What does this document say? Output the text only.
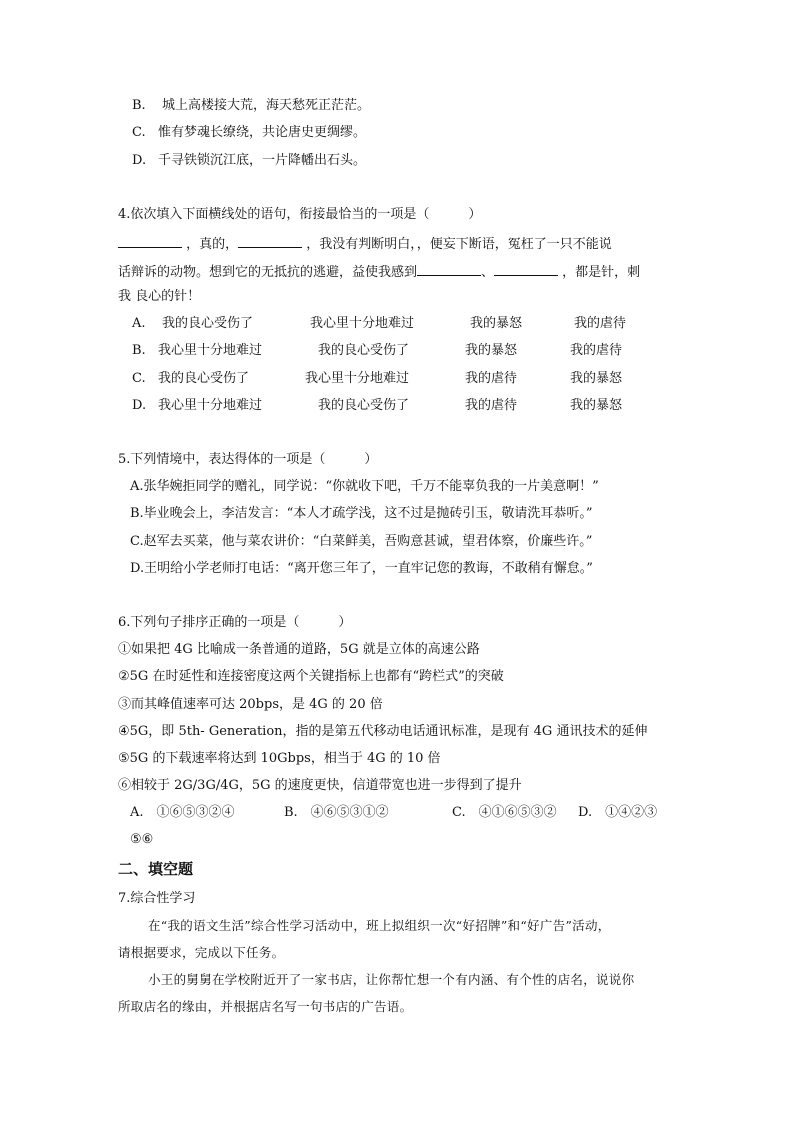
B. 城上高楼接大荒，海天愁死正茫茫。
C. 惟有梦魂长缭绕，共论唐史更绸缪。
D. 千寻铁锁沉江底，一片降幡出石头。
4.依次填入下面横线处的语句，衔接最恰当的一项是（　　　）
，真的，	，我没有判断明白，，便妄下断语，冤枉了一只不能说
话辩诉的动物。想到它的无抵抗的逃避，益使我感到	、	，都是针，刺
我 良心的针！
A. 我的良心受伤了	我心里十分地难过	我的暴怒	我的虐待
B. 我心里十分地难过	我的良心受伤了	我的暴怒	我的虐待
C. 我的良心受伤了	我心里十分地难过	我的虐待	我的暴怒
D. 我心里十分地难过	我的良心受伤了	我的虐待	我的暴怒
5.下列情境中，表达得体的一项是（　　　）
A.张华婉拒同学的赠礼，同学说：“你就收下吧，千万不能辜负我的一片美意啊！”
B.毕业晚会上，李洁发言：“本人才疏学浅，这不过是抛砖引玉，敬请洗耳恭听。”
C.赵军去买菜，他与菜农讲价：“白菜鲜美，吾购意甚诚，望君体察，价廉些许。”
D.王明给小学老师打电话：“离开您三年了，一直牢记您的教诲，不敢稍有懈怠。”
6.下列句子排序正确的一项是（　　　）
①如果把 4G 比喻成一条普通的道路，5G 就是立体的高速公路
②5G 在时延性和连接密度这两个关键指标上也都有“跨栏式”的突破
③而其峰值速率可达 20bps，是 4G 的 20 倍
④5G，即 5th- Generation，指的是第五代移动电话通讯标准，是现有 4G 通讯技术的延伸
⑤5G 的下载速率将达到 10Gbps，相当于 4G 的 10 倍
⑥相较于 2G/3G/4G，5G 的速度更快，信道带宽也进一步得到了提升
A.　①⑥⑤③②④	B.　④⑥⑤③①②	C.　④①⑥⑤③② D.　①④②③
⑤⑥
二、填空题
7.综合性学习
在“我的语文生活”综合性学习活动中，班上拟组织一次“好招牌”和“好广告”活动，
请根据要求，完成以下任务。
小王的舅舅在学校附近开了一家书店，让你帮忙想一个有内涵、有个性的店名，说说你
所取店名的缘由，并根据店名写一句书店的广告语。
